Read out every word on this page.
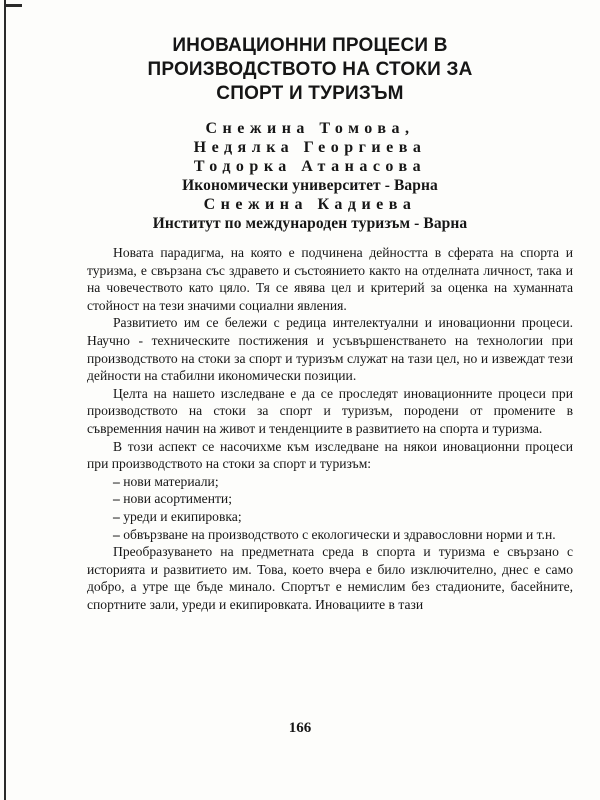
ИНОВАЦИОННИ ПРОЦЕСИ В
ПРОИЗВОДСТВОТО НА СТОКИ ЗА
СПОРТ И ТУРИЗЪМ
Снежина Томова,
Недялка Георгиева
Тодорка Атанасова
Икономически университет - Варна
Снежина Кадиева
Институт по международен туризъм - Варна

Новата парадигма, на която е подчинена дейността в сферата на спорта и туризма, е свързана със здравето и състоянието както на отделната личност, така и на човечеството като цяло. Тя се явява цел и критерий за оценка на хуманната стойност на тези значими социални явления.

Развитието им се бележи с редица интелектуални и иновационни процеси. Научно - техническите постижения и усъвършенстването на технологии при производството на стоки за спорт и туризъм служат на тази цел, но и извеждат тези дейности на стабилни икономически позиции.

Целта на нашето изследване е да се проследят иновационните процеси при производството на стоки за спорт и туризъм, породени от промените в съвременния начин на живот и тенденциите в развитието на спорта и туризма.

В този аспект се насочихме към изследване на някои иновационни процеси при производството на стоки за спорт и туризъм:

– нови материали;
– нови асортименти;
– уреди и екипировка;
– обвързване на производството с екологически и здравословни норми и т.н.

Преобразуването на предметната среда в спорта и туризма е свързано с историята и развитието им. Това, което вчера е било изключително, днес е само добро, а утре ще бъде минало. Спортът е немислим без стадионите, басейните, спортните зали, уреди и екипировката. Иновациите в тази

166
